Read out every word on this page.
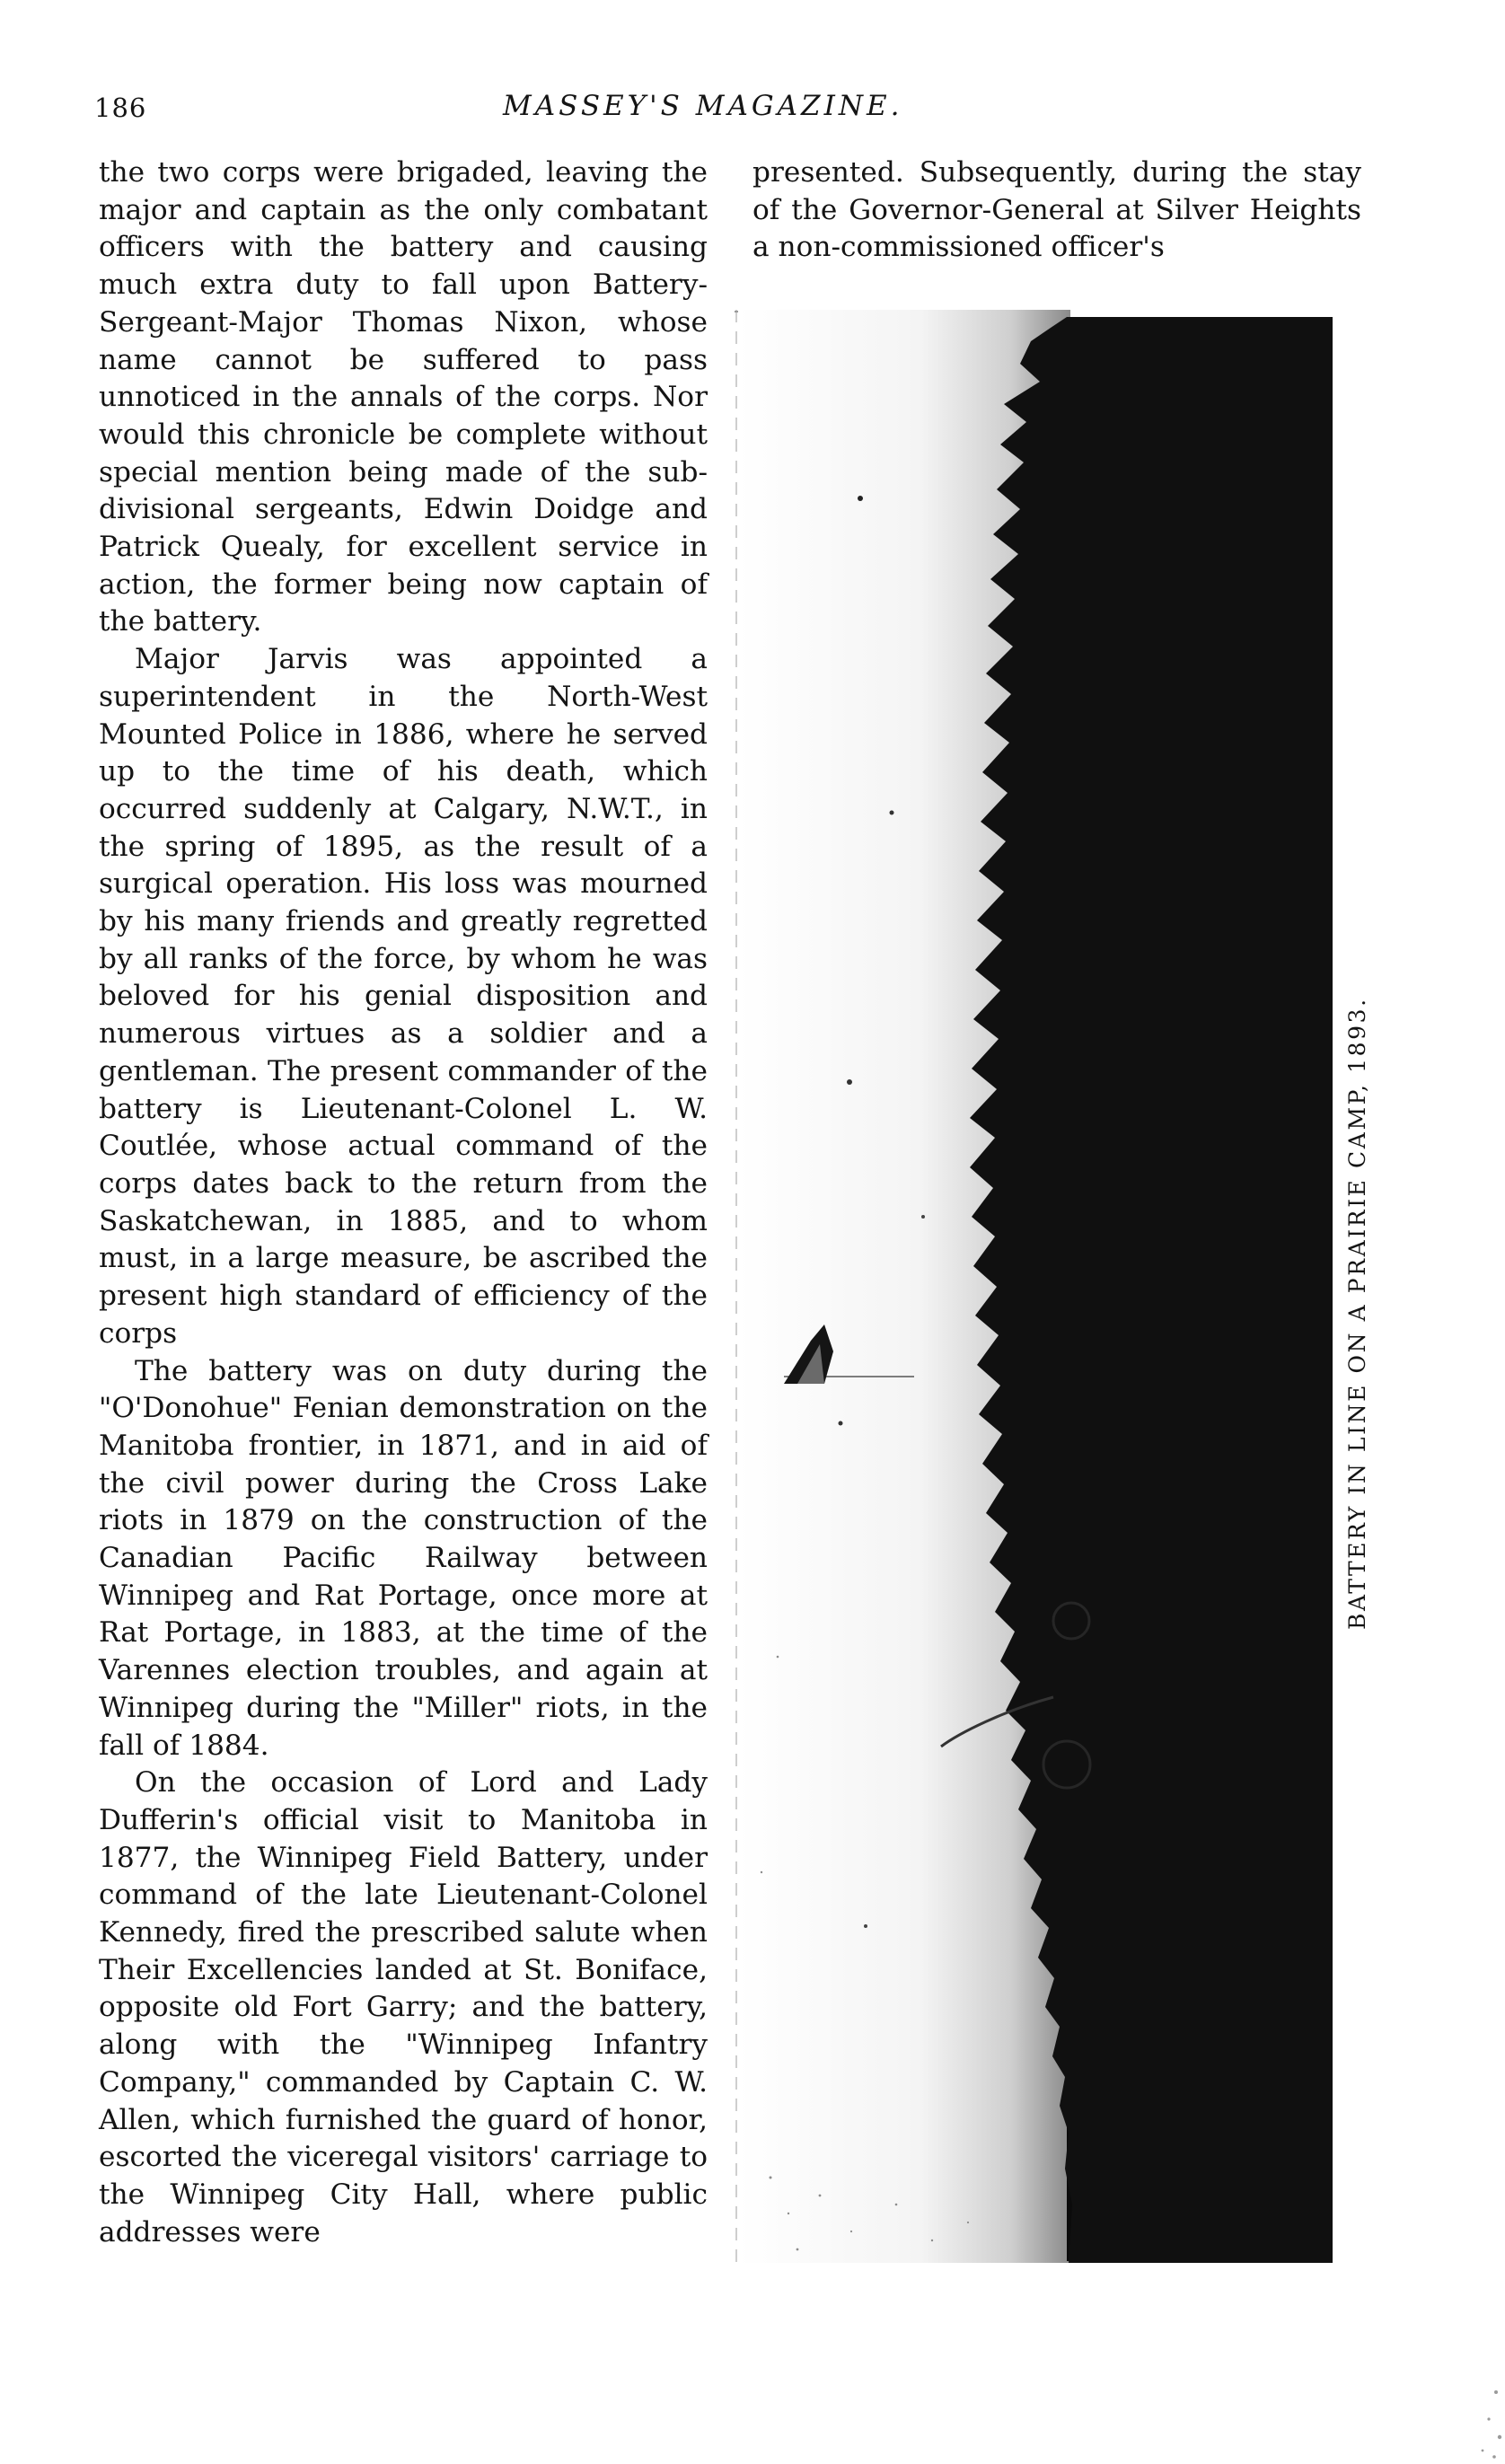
186	MASSEY'S MAGAZINE.

the two corps were brigaded, leaving the major and captain as the only combatant officers with the battery and causing much extra duty to fall upon Battery-Sergeant-Major Thomas Nixon, whose name cannot be suffered to pass unnoticed in the annals of the corps. Nor would this chronicle be complete without special mention being made of the sub-divisional sergeants, Edwin Doidge and Patrick Quealy, for excellent service in action, the former being now captain of the battery.

Major Jarvis was appointed a superintendent in the North-West Mounted Police in 1886, where he served up to the time of his death, which occurred suddenly at Calgary, N.W.T., in the spring of 1895, as the result of a surgical operation. His loss was mourned by his many friends and greatly regretted by all ranks of the force, by whom he was beloved for his genial disposition and numerous virtues as a soldier and a gentleman. The present commander of the battery is Lieutenant-Colonel L. W. Coutlée, whose actual command of the corps dates back to the return from the Saskatchewan, in 1885, and to whom must, in a large measure, be ascribed the present high standard of efficiency of the corps

The battery was on duty during the "O'Donohue" Fenian demonstration on the Manitoba frontier, in 1871, and in aid of the civil power during the Cross Lake riots in 1879 on the construction of the Canadian Pacific Railway between Winnipeg and Rat Portage, once more at Rat Portage, in 1883, at the time of the Varennes election troubles, and again at Winnipeg during the "Miller" riots, in the fall of 1884.

On the occasion of Lord and Lady Dufferin's official visit to Manitoba in 1877, the Winnipeg Field Battery, under command of the late Lieutenant-Colonel Kennedy, fired the prescribed salute when Their Excellencies landed at St. Boniface, opposite old Fort Garry; and the battery, along with the "Winnipeg Infantry Company," commanded by Captain C. W. Allen, which furnished the guard of honor, escorted the viceregal visitors' carriage to the Winnipeg City Hall, where public addresses were

presented. Subsequently, during the stay of the Governor-General at Silver Heights a non-commissioned officer's

BATTERY IN LINE ON A PRAIRIE CAMP, 1893.
